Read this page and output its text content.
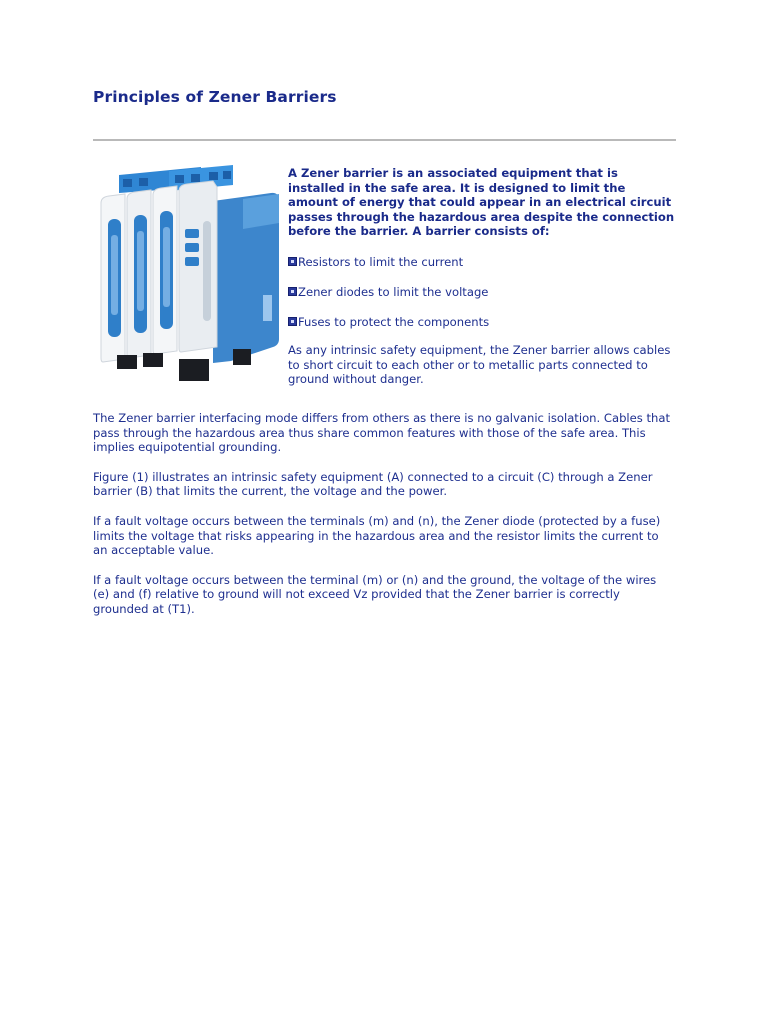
Principles of Zener Barriers

A Zener barrier is an associated equipment that is installed in the safe area. It is designed to limit the amount of energy that could appear in an electrical circuit passes through the hazardous area despite the connection before the barrier. A barrier consists of:

Resistors to limit the current
Zener diodes to limit the voltage
Fuses to protect the components

As any intrinsic safety equipment, the Zener barrier allows cables to short circuit to each other or to metallic parts connected to ground without danger.

The Zener barrier interfacing mode differs from others as there is no galvanic isolation. Cables that pass through the hazardous area thus share common features with those of the safe area. This implies equipotential grounding.

Figure (1) illustrates an intrinsic safety equipment (A) connected to a circuit (C) through a Zener barrier (B) that limits the current, the voltage and the power.

If a fault voltage occurs between the terminals (m) and (n), the Zener diode (protected by a fuse) limits the voltage that risks appearing in the hazardous area and the resistor limits the current to an acceptable value.

If a fault voltage occurs between the terminal (m) or (n) and the ground, the voltage of the wires (e) and (f) relative to ground will not exceed Vz provided that the Zener barrier is correctly grounded at (T1).
